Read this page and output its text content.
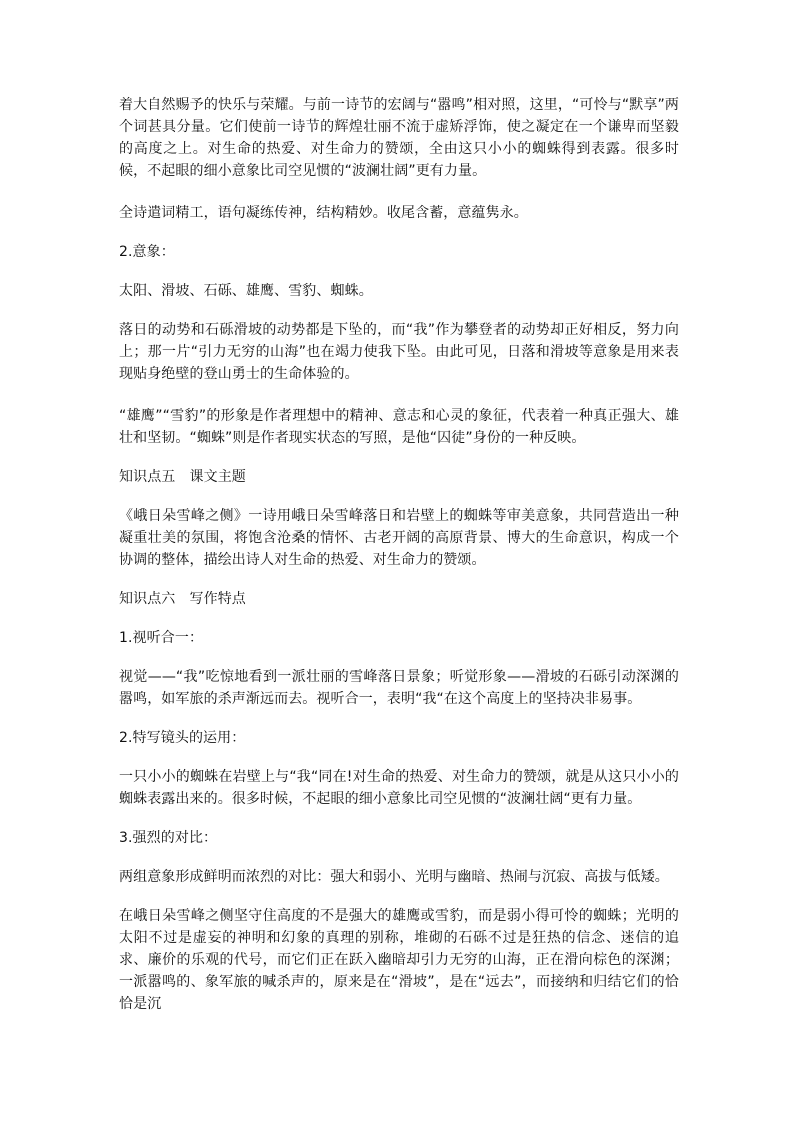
着大自然赐予的快乐与荣耀。与前一诗节的宏阔与“嚣鸣”相对照，这里，“可怜与“默享”两个词甚具分量。它们使前一诗节的辉煌壮丽不流于虚矫浮饰，使之凝定在一个谦卑而坚毅的高度之上。对生命的热爱、对生命力的赞颂，全由这只小小的蜘蛛得到表露。很多时候，不起眼的细小意象比司空见惯的“波澜壮阔”更有力量。

全诗遣词精工，语句凝练传神，结构精妙。收尾含蓄，意蕴隽永。

2.意象：

太阳、滑坡、石砾、雄鹰、雪豹、蜘蛛。

落日的动势和石砾滑坡的动势都是下坠的，而“我”作为攀登者的动势却正好相反，努力向上；那一片“引力无穷的山海”也在竭力使我下坠。由此可见，日落和滑坡等意象是用来表现贴身绝壁的登山勇士的生命体验的。

“雄鹰”“雪豹”的形象是作者理想中的精神、意志和心灵的象征，代表着一种真正强大、雄壮和坚韧。“蜘蛛”则是作者现实状态的写照，是他“囚徒”身份的一种反映。

知识点五　课文主题

《峨日朵雪峰之侧》一诗用峨日朵雪峰落日和岩壁上的蜘蛛等审美意象，共同营造出一种凝重壮美的氛围，将饱含沧桑的情怀、古老开阔的高原背景、博大的生命意识，构成一个协调的整体，描绘出诗人对生命的热爱、对生命力的赞颂。

知识点六　写作特点

1.视听合一：

视觉——“我”吃惊地看到一派壮丽的雪峰落日景象；听觉形象——滑坡的石砾引动深渊的嚣鸣，如军旅的杀声渐远而去。视听合一，表明“我“在这个高度上的坚持决非易事。

2.特写镜头的运用：

一只小小的蜘蛛在岩壁上与“我“同在!对生命的热爱、对生命力的赞颂，就是从这只小小的蜘蛛表露出来的。很多时候，不起眼的细小意象比司空见惯的“波澜壮阔“更有力量。

3.强烈的对比：

两组意象形成鲜明而浓烈的对比：强大和弱小、光明与幽暗、热闹与沉寂、高拔与低矮。

在峨日朵雪峰之侧坚守住高度的不是强大的雄鹰或雪豹，而是弱小得可怜的蜘蛛；光明的太阳不过是虚妄的神明和幻象的真理的别称，堆砌的石砾不过是狂热的信念、迷信的追求、廉价的乐观的代号，而它们正在跃入幽暗却引力无穷的山海，正在滑向棕色的深渊；一派嚣鸣的、象军旅的喊杀声的，原来是在“滑坡”，是在“远去”，而接纳和归结它们的恰恰是沉
